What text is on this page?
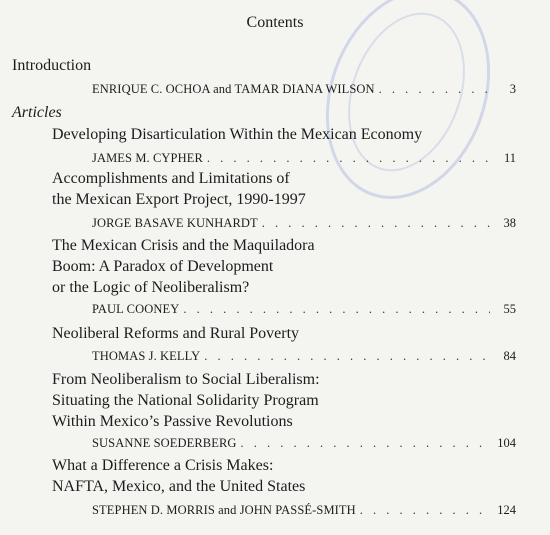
Contents
Introduction
ENRIQUE C. OCHOA and TAMAR DIANA WILSON . . .	3
Articles
Developing Disarticulation Within the Mexican Economy
JAMES M. CYPHER . . .	11
Accomplishments and Limitations of
the Mexican Export Project, 1990-1997
JORGE BASAVE KUNHARDT . . .	38
The Mexican Crisis and the Maquiladora
Boom: A Paradox of Development
or the Logic of Neoliberalism?
PAUL COONEY . . .	55
Neoliberal Reforms and Rural Poverty
THOMAS J. KELLY . . .	84
From Neoliberalism to Social Liberalism:
Situating the National Solidarity Program
Within Mexico’s Passive Revolutions
SUSANNE SOEDERBERG . . .	104
What a Difference a Crisis Makes:
NAFTA, Mexico, and the United States
STEPHEN D. MORRIS and JOHN PASSÉ-SMITH . . .	124
